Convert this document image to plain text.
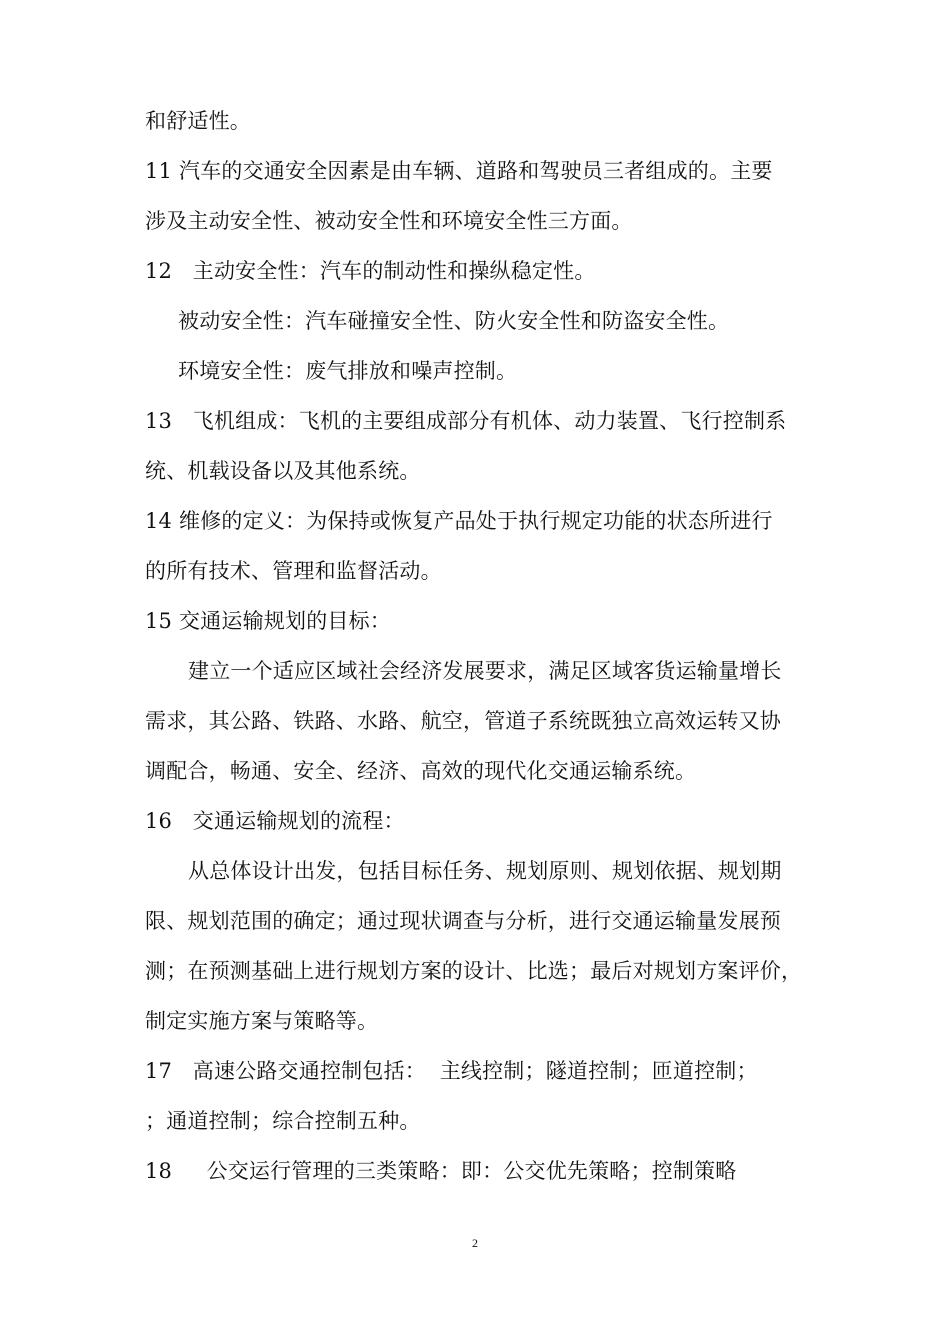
和舒适性。
11 汽车的交通安全因素是由车辆、道路和驾驶员三者组成的。主要
涉及主动安全性、被动安全性和环境安全性三方面。
12   主动安全性：汽车的制动性和操纵稳定性。
被动安全性：汽车碰撞安全性、防火安全性和防盗安全性。
环境安全性：废气排放和噪声控制。
13   飞机组成：飞机的主要组成部分有机体、动力装置、飞行控制系
统、机载设备以及其他系统。
14 维修的定义：为保持或恢复产品处于执行规定功能的状态所进行
的所有技术、管理和监督活动。
15 交通运输规划的目标：
建立一个适应区域社会经济发展要求，满足区域客货运输量增长
需求，其公路、铁路、水路、航空，管道子系统既独立高效运转又协
调配合，畅通、安全、经济、高效的现代化交通运输系统。
16   交通运输规划的流程：
从总体设计出发，包括目标任务、规划原则、规划依据、规划期
限、规划范围的确定；通过现状调查与分析，进行交通运输量发展预
测；在预测基础上进行规划方案的设计、比选；最后对规划方案评价，
制定实施方案与策略等。
17   高速公路交通控制包括：  主线控制；隧道控制；匝道控制；
；通道控制；综合控制五种。
18     公交运行管理的三类策略：即：公交优先策略；控制策略
2
